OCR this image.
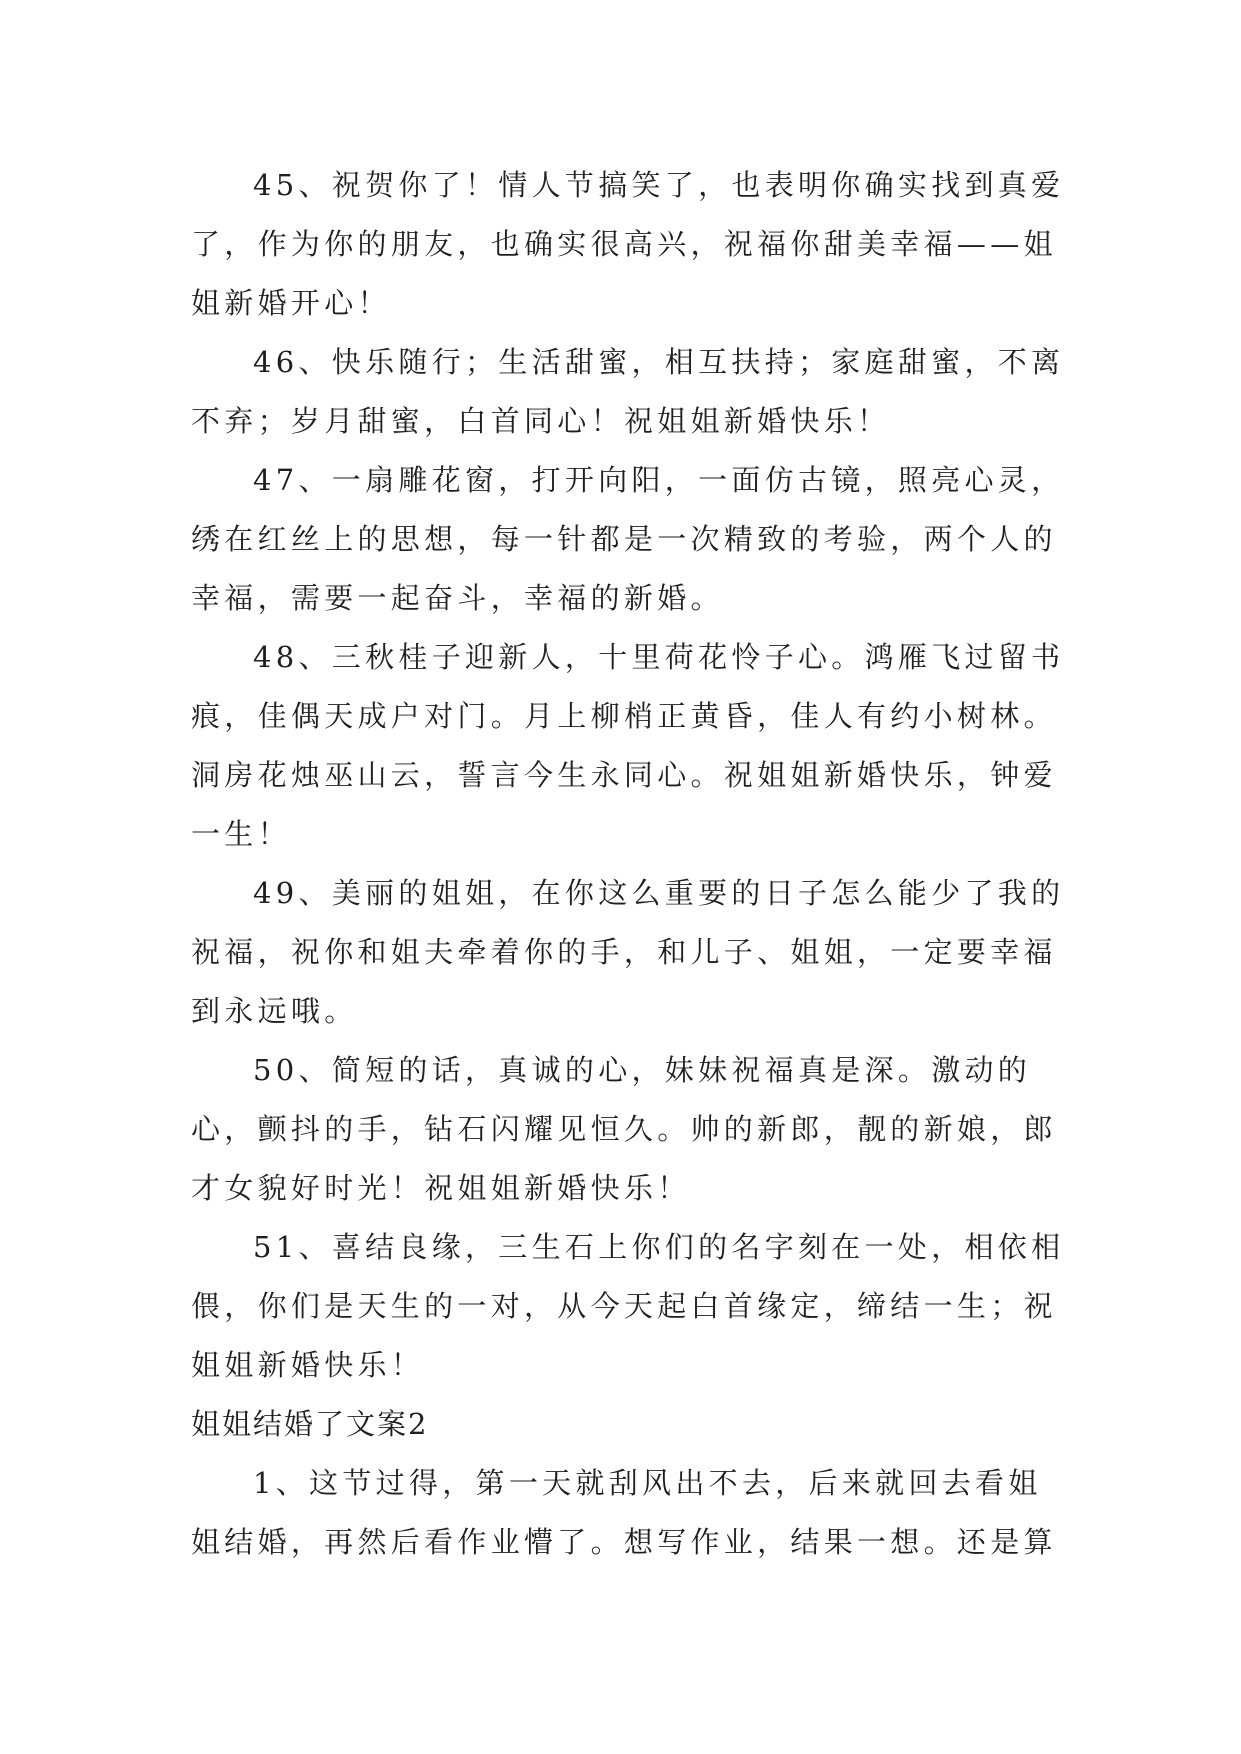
45、祝贺你了！情人节搞笑了，也表明你确实找到真爱了，作为你的朋友，也确实很高兴，祝福你甜美幸福——姐姐新婚开心！

46、快乐随行；生活甜蜜，相互扶持；家庭甜蜜，不离不弃；岁月甜蜜，白首同心！祝姐姐新婚快乐！

47、一扇雕花窗，打开向阳，一面仿古镜，照亮心灵，绣在红丝上的思想，每一针都是一次精致的考验，两个人的幸福，需要一起奋斗，幸福的新婚。

48、三秋桂子迎新人，十里荷花怜子心。鸿雁飞过留书痕，佳偶天成户对门。月上柳梢正黄昏，佳人有约小树林。洞房花烛巫山云，誓言今生永同心。祝姐姐新婚快乐，钟爱一生！

49、美丽的姐姐，在你这么重要的日子怎么能少了我的祝福，祝你和姐夫牵着你的手，和儿子、姐姐，一定要幸福到永远哦。

50、简短的话，真诚的心，妹妹祝福真是深。激动的心，颤抖的手，钻石闪耀见恒久。帅的新郎，靓的新娘，郎才女貌好时光！祝姐姐新婚快乐！

51、喜结良缘，三生石上你们的名字刻在一处，相依相偎，你们是天生的一对，从今天起白首缘定，缔结一生；祝姐姐新婚快乐！

姐姐结婚了文案2

1、这节过得，第一天就刮风出不去，后来就回去看姐姐结婚，再然后看作业懵了。想写作业，结果一想。还是算
